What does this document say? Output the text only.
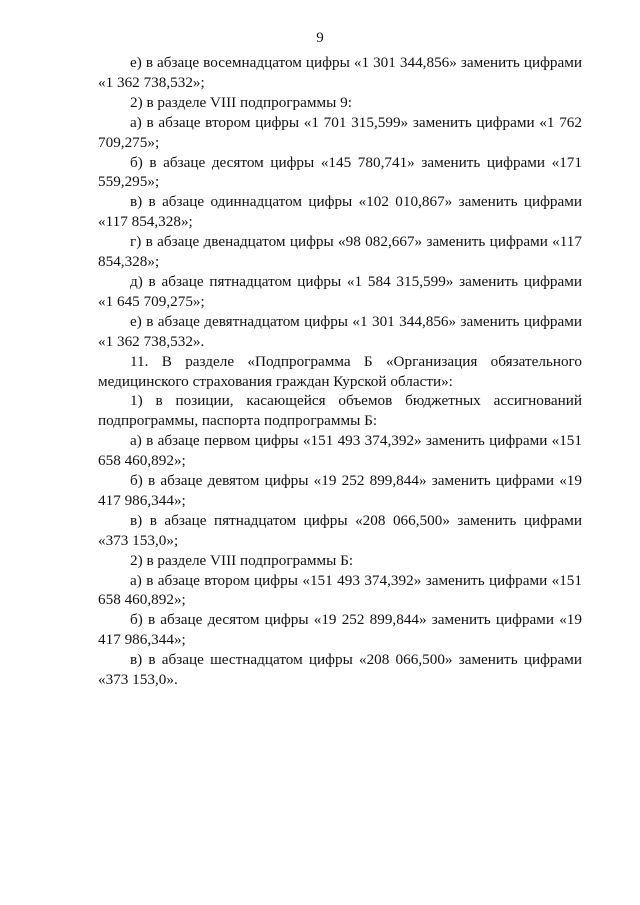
9

е) в абзаце восемнадцатом цифры «1 301 344,856» заменить цифрами «1 362 738,532»;

2) в разделе VIII подпрограммы 9:

а) в абзаце втором цифры «1 701 315,599» заменить цифрами «1 762 709,275»;

б) в абзаце десятом цифры «145 780,741» заменить цифрами «171 559,295»;

в) в абзаце одиннадцатом цифры «102 010,867» заменить цифрами «117 854,328»;

г) в абзаце двенадцатом цифры «98 082,667» заменить цифрами «117 854,328»;

д) в абзаце пятнадцатом цифры «1 584 315,599» заменить цифрами «1 645 709,275»;

е) в абзаце девятнадцатом цифры «1 301 344,856» заменить цифрами «1 362 738,532».

11. В разделе «Подпрограмма Б «Организация обязательного медицинского страхования граждан Курской области»:

1) в позиции, касающейся объемов бюджетных ассигнований подпрограммы, паспорта подпрограммы Б:

а) в абзаце первом цифры «151 493 374,392» заменить цифрами «151 658 460,892»;

б) в абзаце девятом цифры «19 252 899,844» заменить цифрами «19 417 986,344»;

в) в абзаце пятнадцатом цифры «208 066,500» заменить цифрами «373 153,0»;

2) в разделе VIII подпрограммы Б:

а) в абзаце втором цифры «151 493 374,392» заменить цифрами «151 658 460,892»;

б) в абзаце десятом цифры «19 252 899,844» заменить цифрами «19 417 986,344»;

в) в абзаце шестнадцатом цифры «208 066,500» заменить цифрами «373 153,0».
